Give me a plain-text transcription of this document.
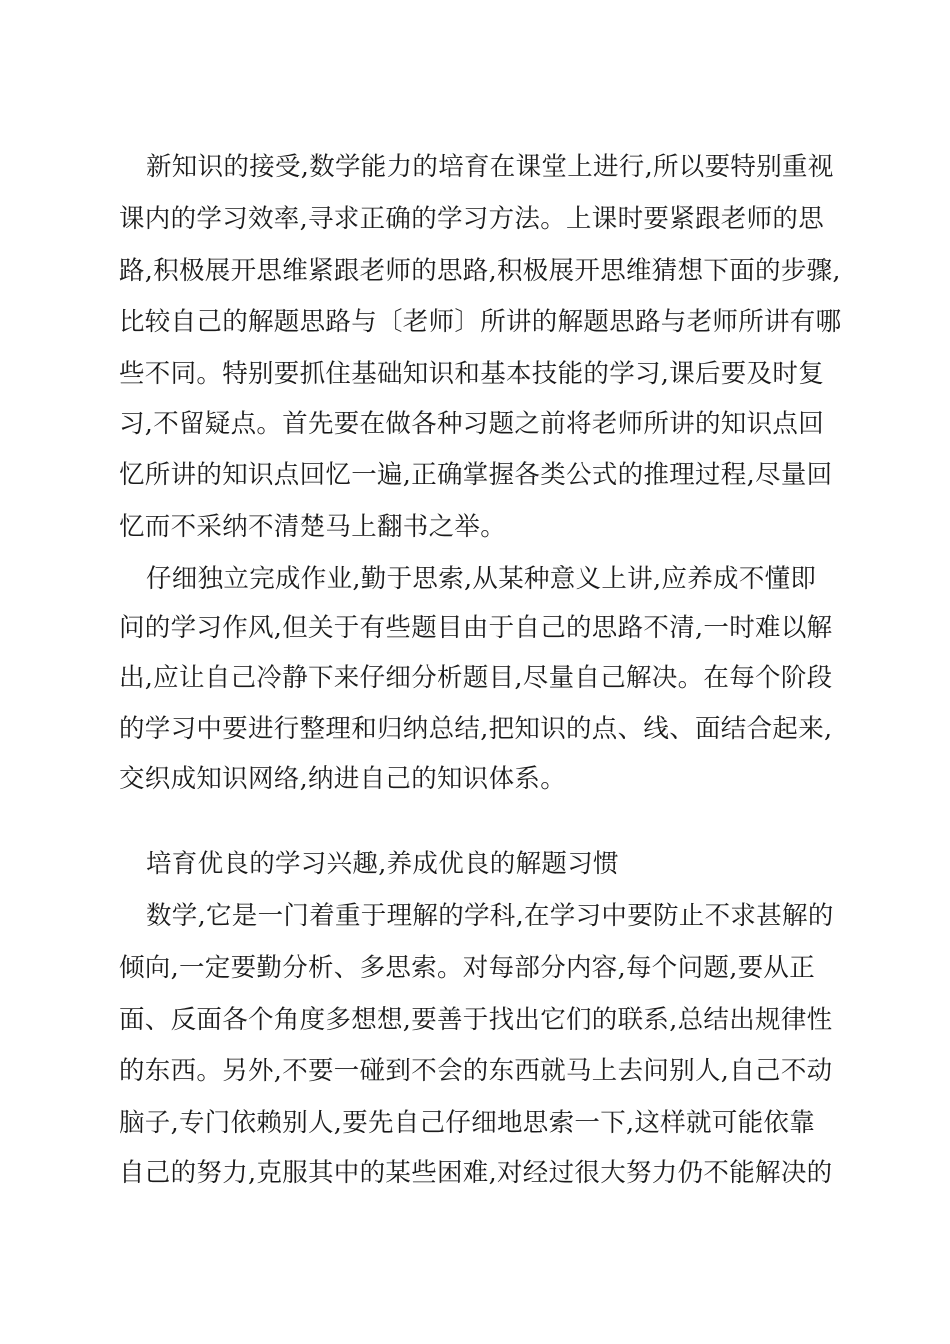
新知识的接受,数学能力的培育在课堂上进行,所以要特别重视
课内的学习效率,寻求正确的学习方法。上课时要紧跟老师的思
路,积极展开思维紧跟老师的思路,积极展开思维猜想下面的步骤,
比较自己的解题思路与〔老师〕所讲的解题思路与老师所讲有哪
些不同。特别要抓住基础知识和基本技能的学习,课后要及时复
习,不留疑点。首先要在做各种习题之前将老师所讲的知识点回
忆所讲的知识点回忆一遍,正确掌握各类公式的推理过程,尽量回
忆而不采纳不清楚马上翻书之举。
仔细独立完成作业,勤于思索,从某种意义上讲,应养成不懂即
问的学习作风,但关于有些题目由于自己的思路不清,一时难以解
出,应让自己冷静下来仔细分析题目,尽量自己解决。在每个阶段
的学习中要进行整理和归纳总结,把知识的点、线、面结合起来,
交织成知识网络,纳进自己的知识体系。
培育优良的学习兴趣,养成优良的解题习惯
数学,它是一门着重于理解的学科,在学习中要防止不求甚解的
倾向,一定要勤分析、多思索。对每部分内容,每个问题,要从正
面、反面各个角度多想想,要善于找出它们的联系,总结出规律性
的东西。另外,不要一碰到不会的东西就马上去问别人,自己不动
脑子,专门依赖别人,要先自己仔细地思索一下,这样就可能依靠
自己的努力,克服其中的某些困难,对经过很大努力仍不能解决的
